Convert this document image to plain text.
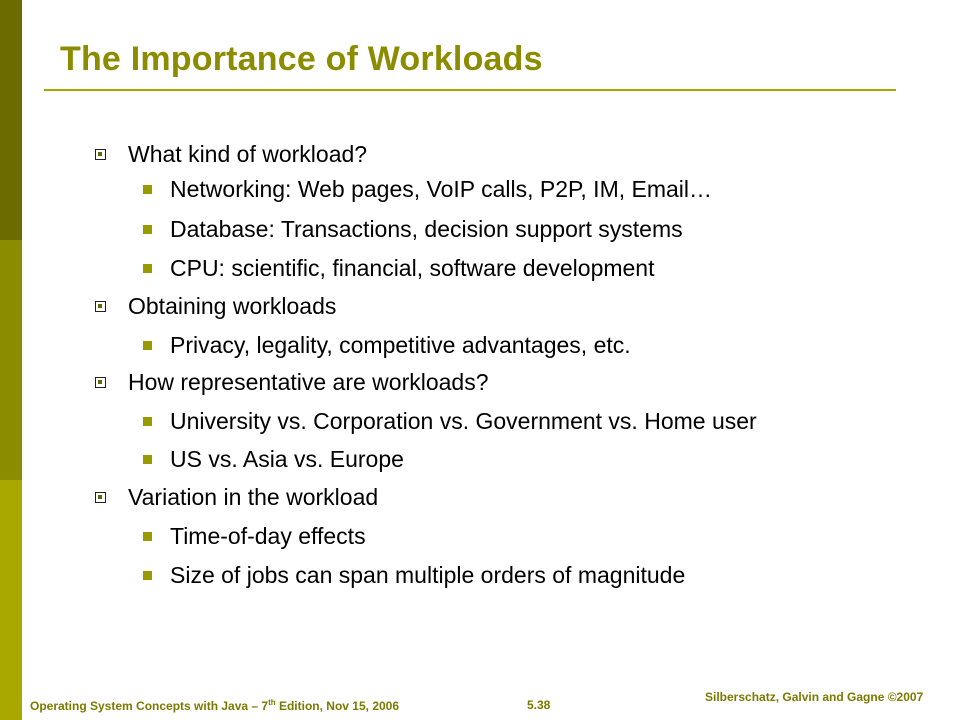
The Importance of Workloads
What kind of workload?
Networking: Web pages, VoIP calls, P2P, IM, Email…
Database: Transactions, decision support systems
CPU: scientific, financial, software development
Obtaining workloads
Privacy, legality, competitive advantages, etc.
How representative are workloads?
University vs. Corporation vs. Government vs. Home user
US vs. Asia vs. Europe
Variation in the workload
Time-of-day effects
Size of jobs can span multiple orders of magnitude
Operating System Concepts with Java – 7th Edition, Nov 15, 2006	5.38
Silberschatz, Galvin and Gagne ©2007
